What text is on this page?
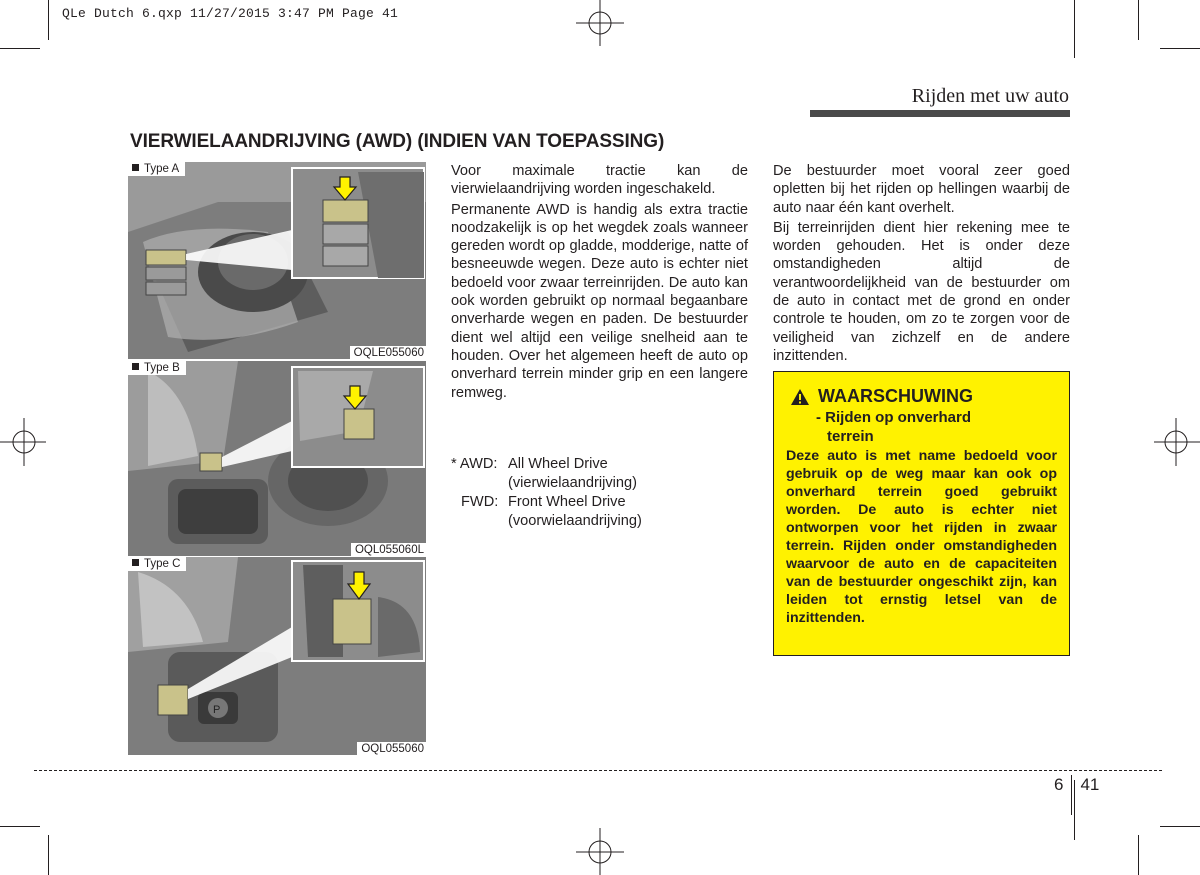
QLe Dutch 6.qxp 11/27/2015 3:47 PM Page 41
Rijden met uw auto
VIERWIELAANDRIJVING (AWD) (INDIEN VAN TOEPASSING)
Type A
OQLE055060
Type B
OQL055060L
P
Type C
OQL055060

Voor maximale tractie kan de vierwielaandrijving worden ingeschakeld.

Permanente AWD is handig als extra tractie noodzakelijk is op het wegdek zoals wanneer gereden wordt op gladde, modderige, natte of besneeuwde wegen. Deze auto is echter niet bedoeld voor zwaar terreinrijden. De auto kan ook worden gebruikt op normaal begaanbare onverharde wegen en paden. De bestuurder dient wel altijd een veilige snelheid aan te houden. Over het algemeen heeft de auto op onverhard terrein minder grip en een langere remweg.

* AWD: All Wheel Drive
(vierwielaandrijving)
FWD: Front Wheel Drive
(voorwielaandrijving)

De bestuurder moet vooral zeer goed opletten bij het rijden op hellingen waarbij de auto naar één kant overhelt.

Bij terreinrijden dient hier rekening mee te worden gehouden. Het is onder deze omstandigheden altijd de verantwoordelijkheid van de bestuurder om de auto in contact met de grond en onder controle te houden, om zo te zorgen voor de veiligheid van zichzelf en de andere inzittenden.

WAARSCHUWING
- Rijden op onverhard
terrein
Deze auto is met name bedoeld voor gebruik op de weg maar kan ook op onverhard terrein goed gebruikt worden. De auto is echter niet ontworpen voor het rijden in zwaar terrein. Rijden onder omstandigheden waarvoor de auto en de capaciteiten van de bestuurder ongeschikt zijn, kan leiden tot ernstig letsel van de inzittenden.
6 41
